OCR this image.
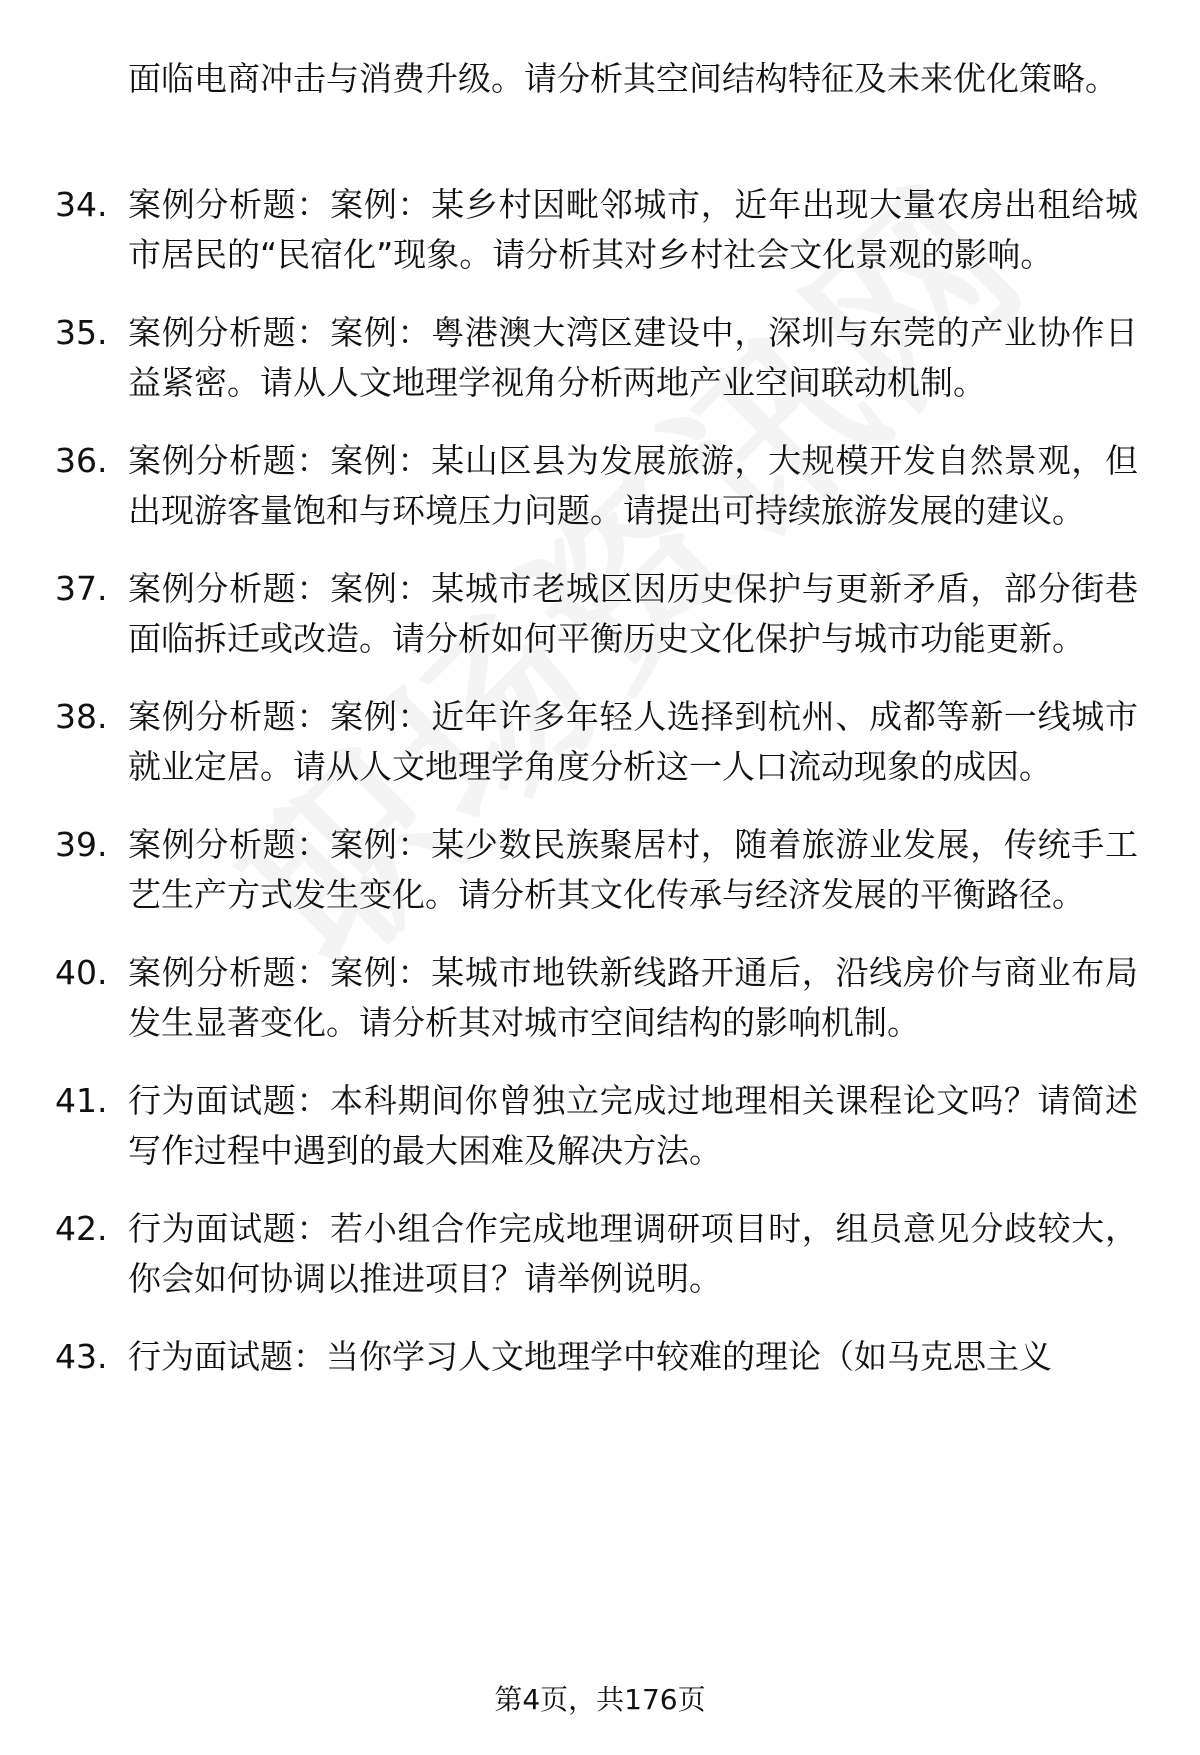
面临电商冲击与消费升级。请分析其空间结构特征及未来优化策略。
34. 案例分析题：案例：某乡村因毗邻城市，近年出现大量农房出租给城市居民的“民宿化”现象。请分析其对乡村社会文化景观的影响。
35. 案例分析题：案例：粤港澳大湾区建设中，深圳与东莞的产业协作日益紧密。请从人文地理学视角分析两地产业空间联动机制。
36. 案例分析题：案例：某山区县为发展旅游，大规模开发自然景观，但出现游客量饱和与环境压力问题。请提出可持续旅游发展的建议。
37. 案例分析题：案例：某城市老城区因历史保护与更新矛盾，部分街巷面临拆迁或改造。请分析如何平衡历史文化保护与城市功能更新。
38. 案例分析题：案例：近年许多年轻人选择到杭州、成都等新一线城市就业定居。请从人文地理学角度分析这一人口流动现象的成因。
39. 案例分析题：案例：某少数民族聚居村，随着旅游业发展，传统手工艺生产方式发生变化。请分析其文化传承与经济发展的平衡路径。
40. 案例分析题：案例：某城市地铁新线路开通后，沿线房价与商业布局发生显著变化。请分析其对城市空间结构的影响机制。
41. 行为面试题：本科期间你曾独立完成过地理相关课程论文吗？请简述写作过程中遇到的最大困难及解决方法。
42. 行为面试题：若小组合作完成地理调研项目时，组员意见分歧较大，你会如何协调以推进项目？请举例说明。
43. 行为面试题：当你学习人文地理学中较难的理论（如马克思主义
第4页，共176页
